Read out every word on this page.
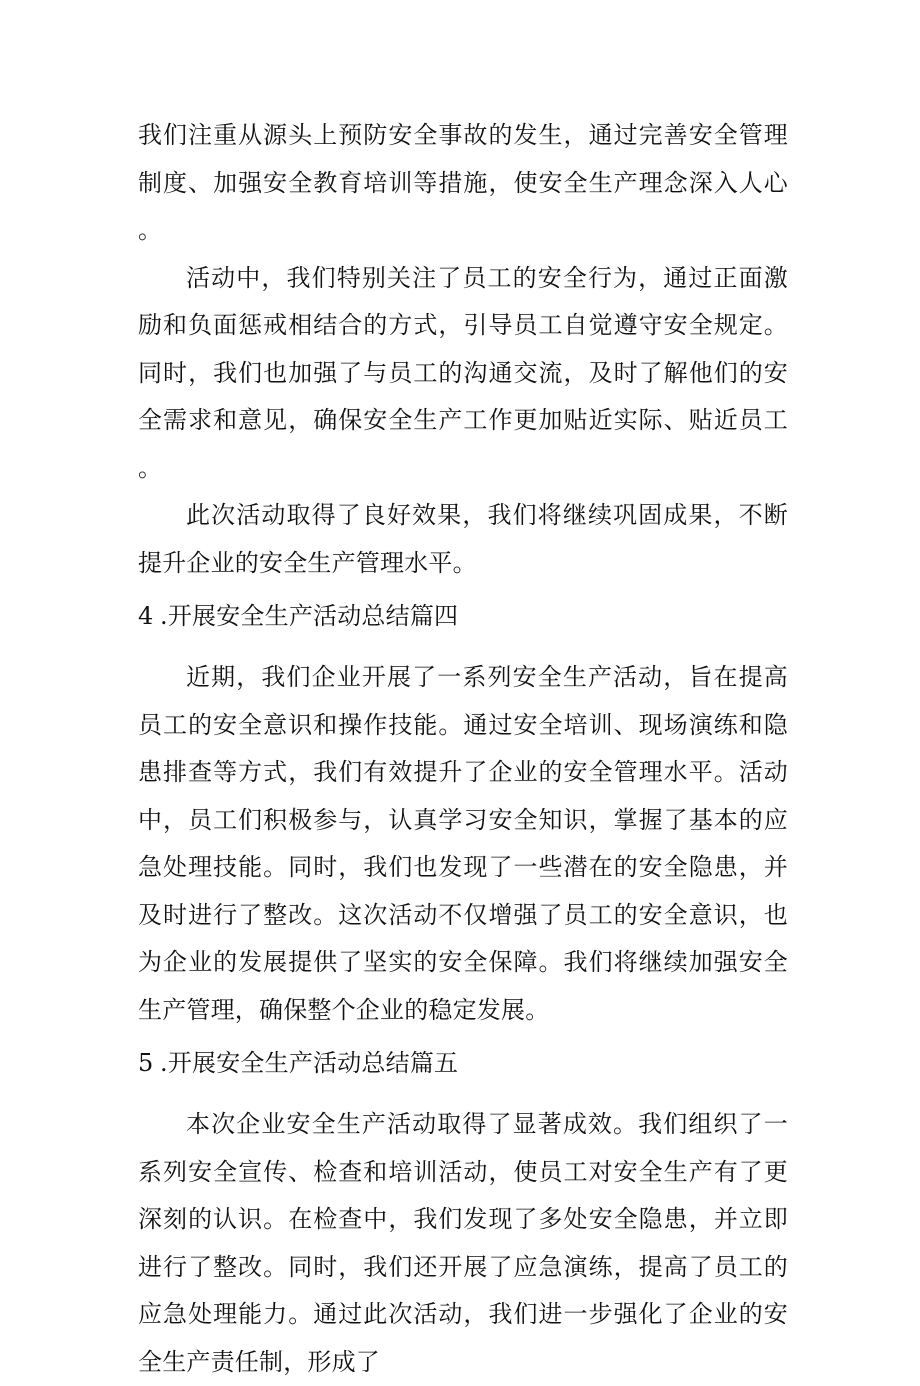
我们注重从源头上预防安全事故的发生，通过完善安全管理制度、加强安全教育培训等措施，使安全生产理念深入人心。

活动中，我们特别关注了员工的安全行为，通过正面激励和负面惩戒相结合的方式，引导员工自觉遵守安全规定。同时，我们也加强了与员工的沟通交流，及时了解他们的安全需求和意见，确保安全生产工作更加贴近实际、贴近员工。

此次活动取得了良好效果，我们将继续巩固成果，不断提升企业的安全生产管理水平。

4 .开展安全生产活动总结篇四

近期，我们企业开展了一系列安全生产活动，旨在提高员工的安全意识和操作技能。通过安全培训、现场演练和隐患排查等方式，我们有效提升了企业的安全管理水平。活动中，员工们积极参与，认真学习安全知识，掌握了基本的应急处理技能。同时，我们也发现了一些潜在的安全隐患，并及时进行了整改。这次活动不仅增强了员工的安全意识，也为企业的发展提供了坚实的安全保障。我们将继续加强安全生产管理，确保整个企业的稳定发展。

5 .开展安全生产活动总结篇五

本次企业安全生产活动取得了显著成效。我们组织了一系列安全宣传、检查和培训活动，使员工对安全生产有了更深刻的认识。在检查中，我们发现了多处安全隐患，并立即进行了整改。同时，我们还开展了应急演练，提高了员工的应急处理能力。通过此次活动，我们进一步强化了企业的安全生产责任制，形成了
